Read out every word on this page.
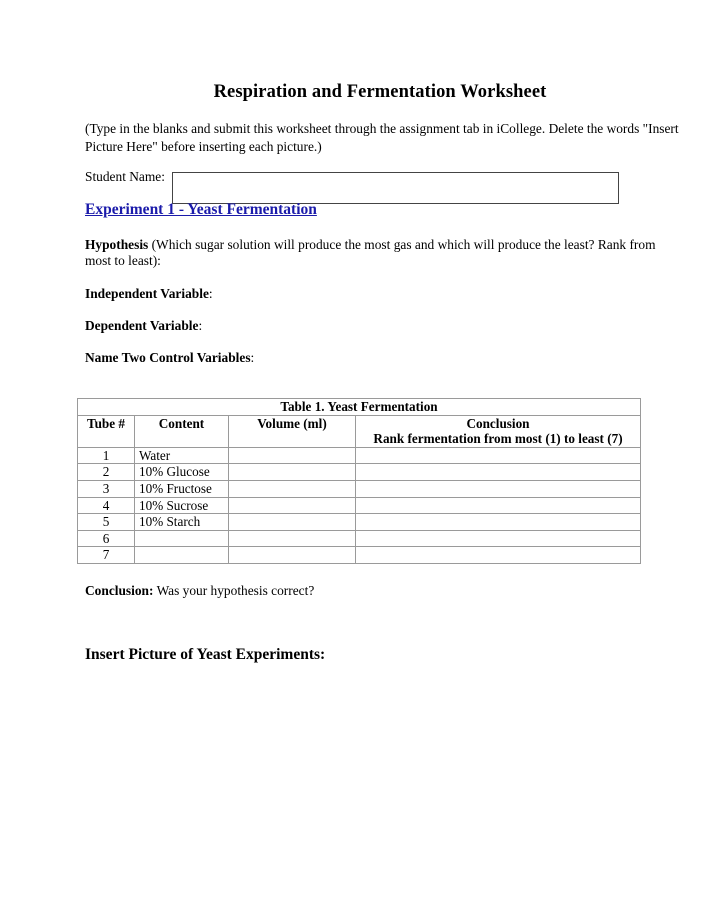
Respiration and Fermentation Worksheet
(Type in the blanks and submit this worksheet through the assignment tab in iCollege. Delete the words "Insert Picture Here" before inserting each picture.)
Student Name:
Experiment 1 - Yeast Fermentation
Hypothesis (Which sugar solution will produce the most gas and which will produce the least? Rank from most to least):
Independent Variable:
Dependent Variable:
Name Two Control Variables:
Table 1. Yeast Fermentation			
Tube #	Content	Volume (ml)	Conclusion
Rank fermentation from most (1) to least (7)

1	Water		
2	10% Glucose		
3	10% Fructose		
4	10% Sucrose		
5	10% Starch		
6			
7			
Conclusion: Was your hypothesis correct?
Insert Picture of Yeast Experiments:
